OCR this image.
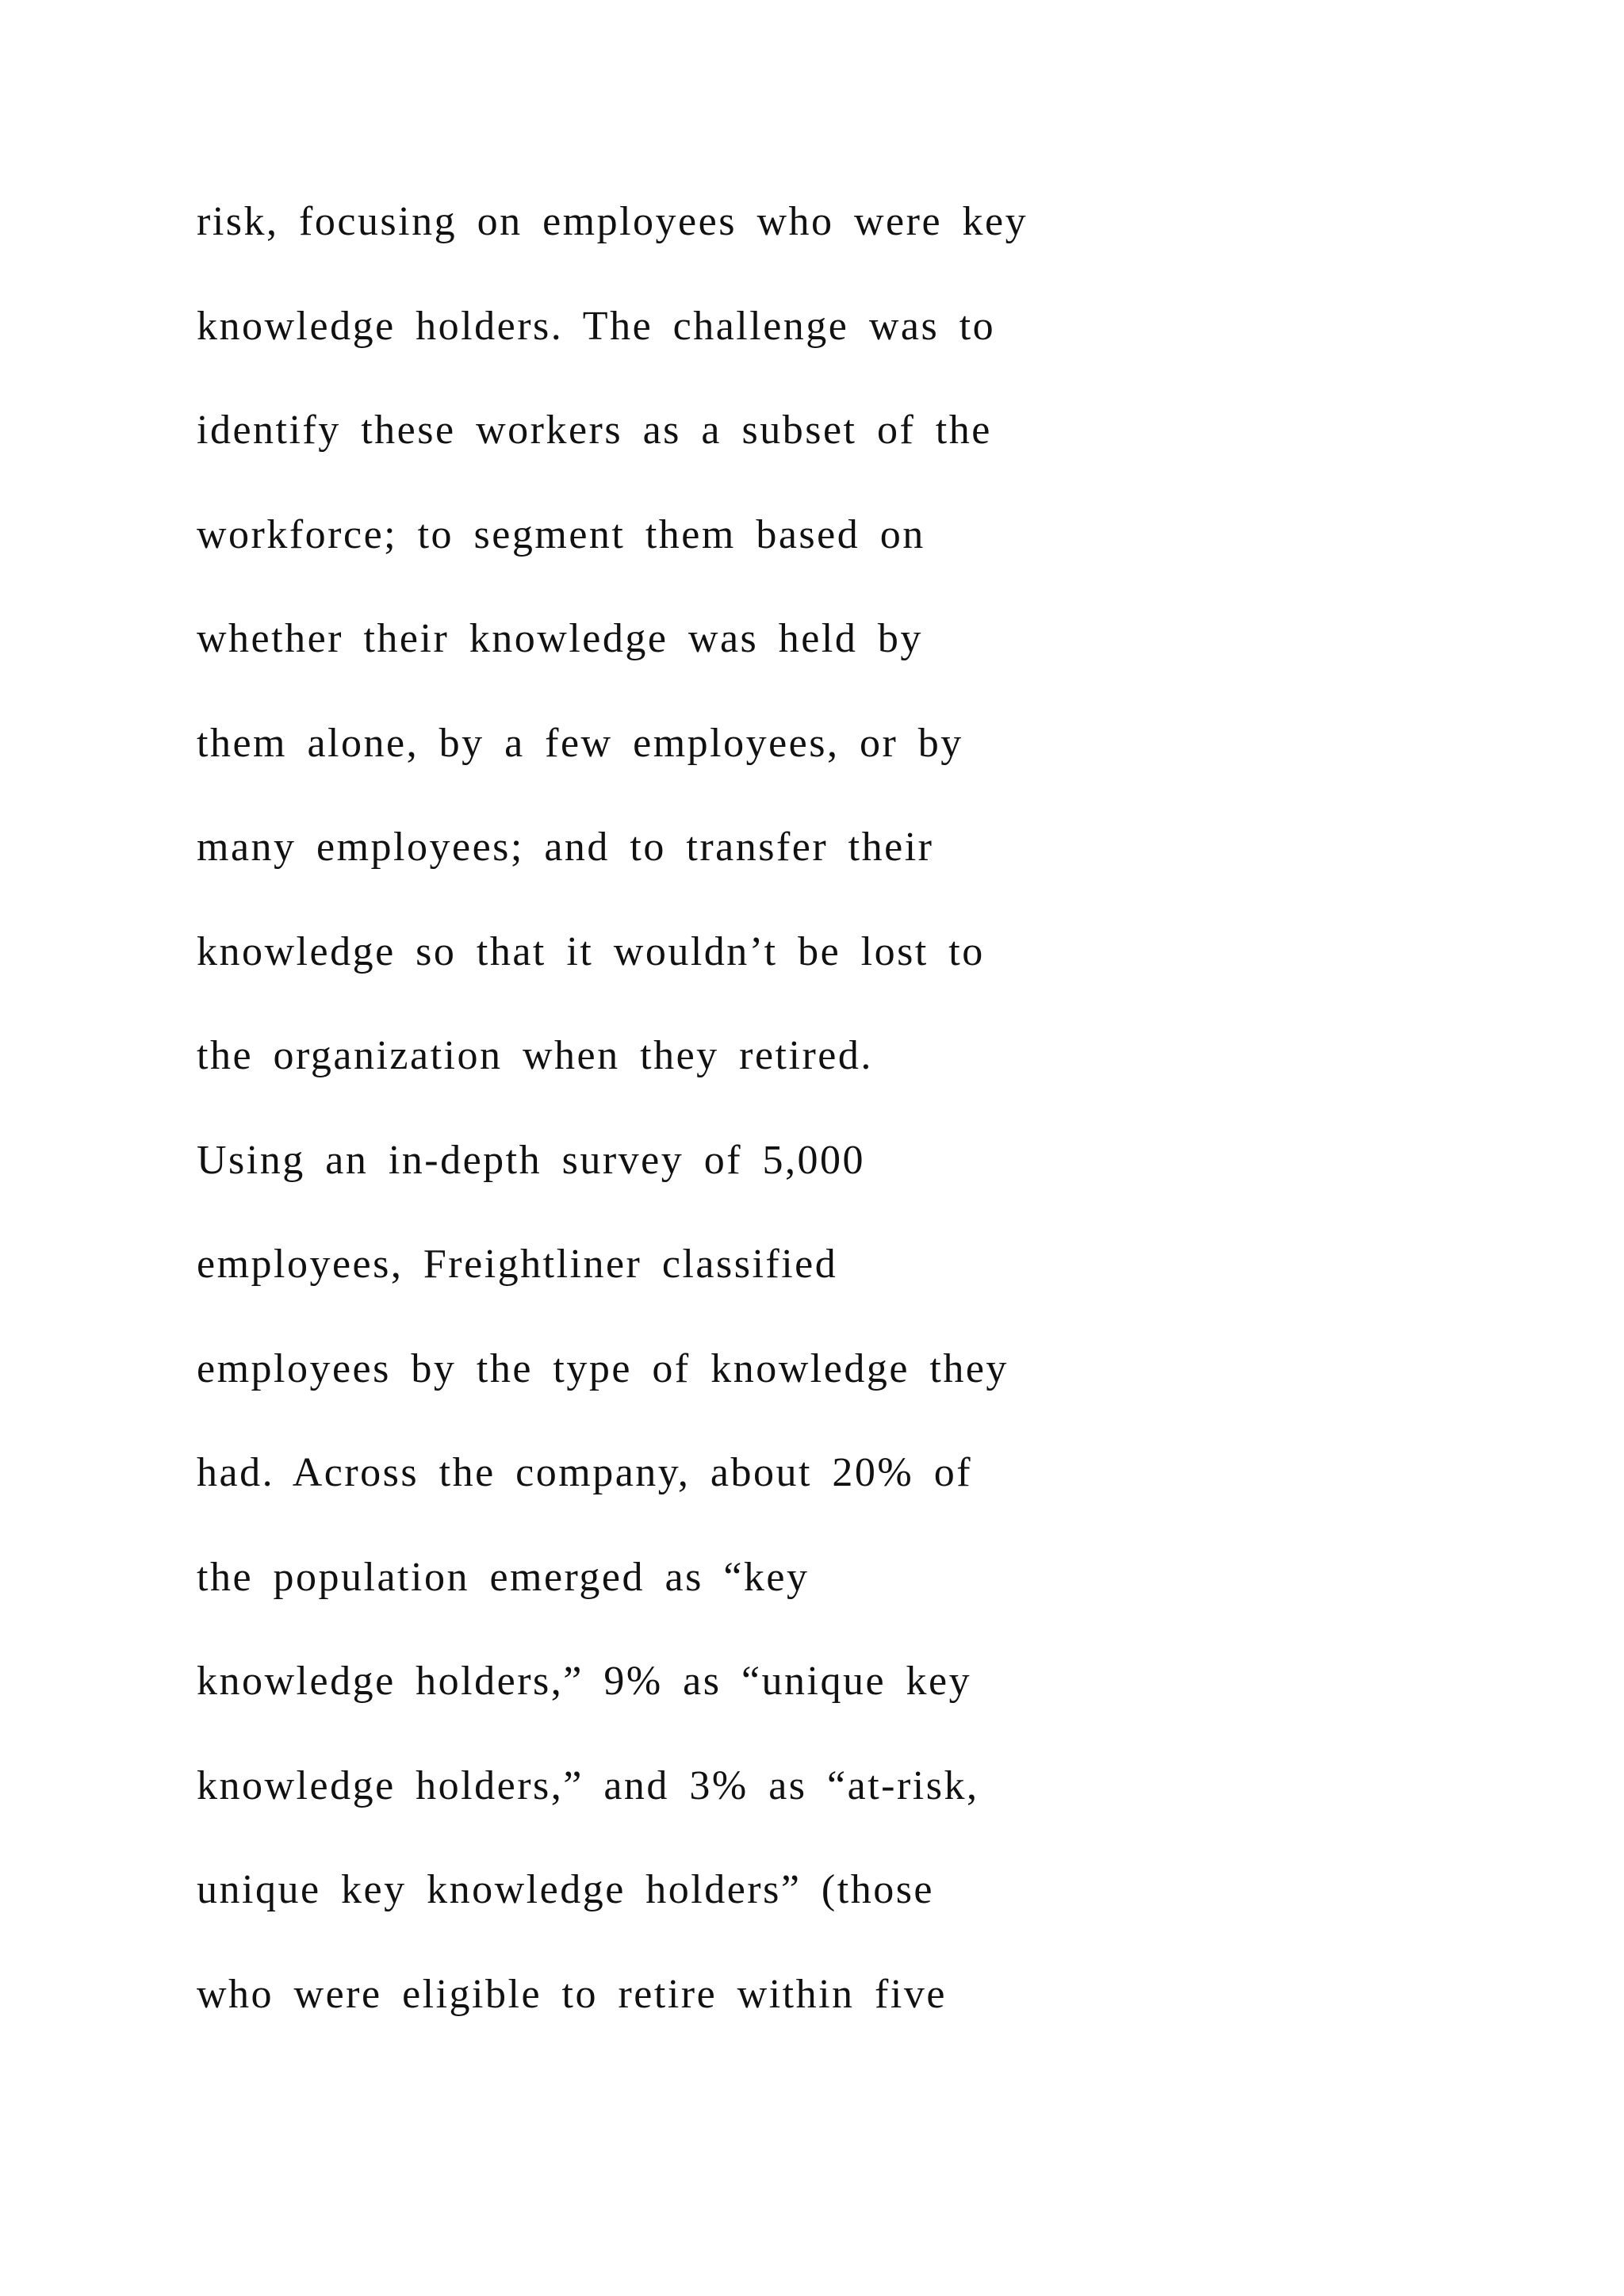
risk, focusing on employees who were key
knowledge holders. The challenge was to
identify these workers as a subset of the
workforce; to segment them based on
whether their knowledge was held by
them alone, by a few employees, or by
many employees; and to transfer their
knowledge so that it wouldn’t be lost to
the organization when they retired.
Using an in-depth survey of 5,000
employees, Freightliner classified
employees by the type of knowledge they
had. Across the company, about 20% of
the population emerged as “key
knowledge holders,” 9% as “unique key
knowledge holders,” and 3% as “at-risk,
unique key knowledge holders” (those
who were eligible to retire within five
